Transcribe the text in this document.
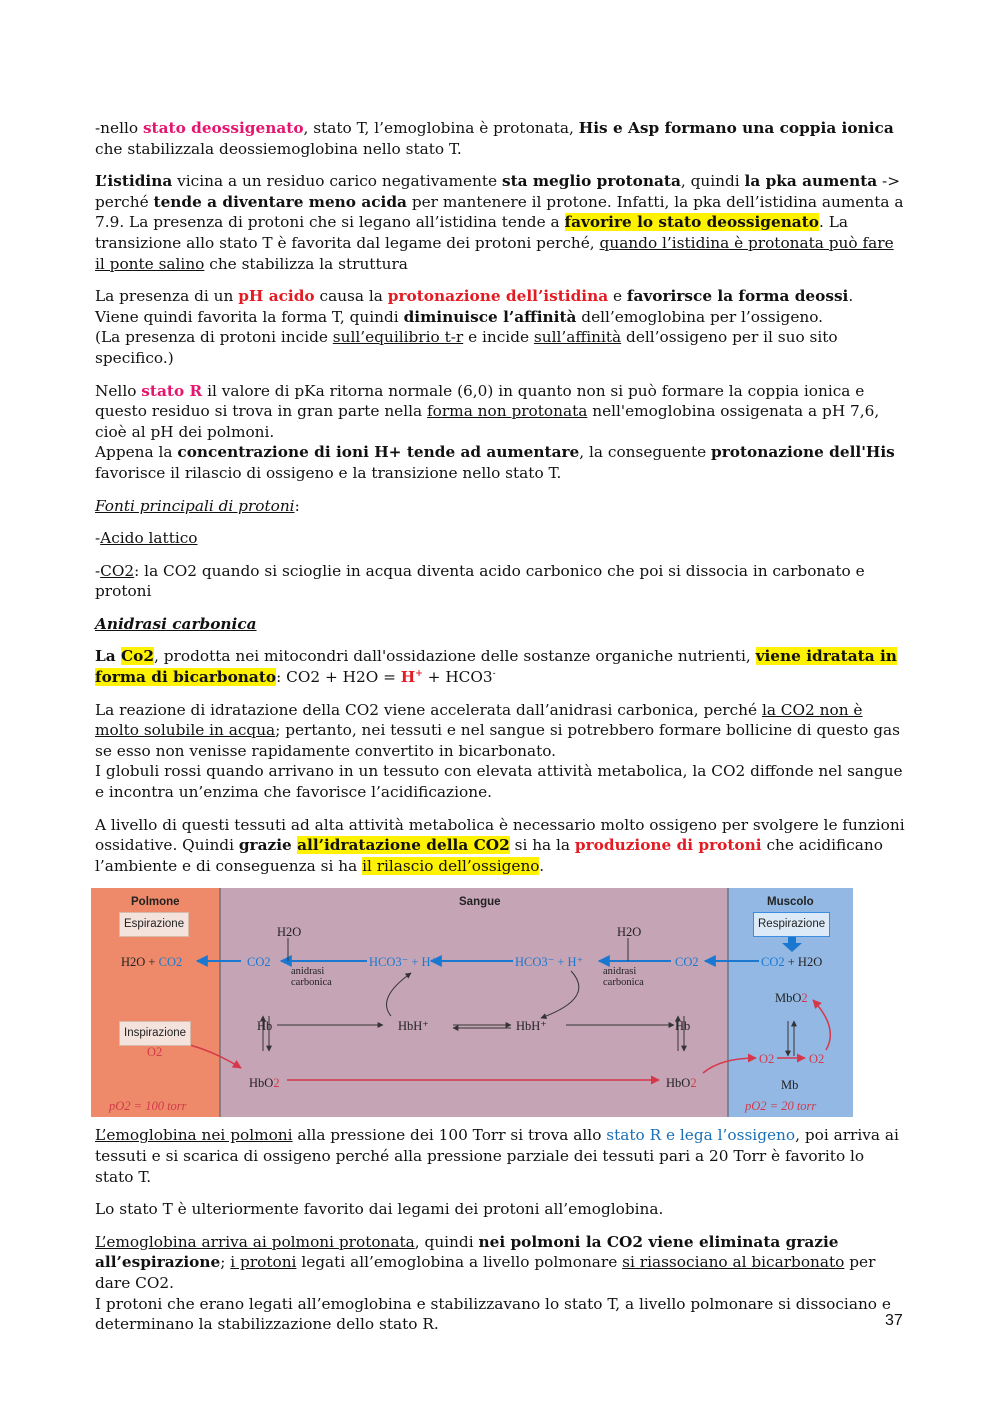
-nello stato deossigenato, stato T, l’emoglobina è protonata, His e Asp formano una coppia ionica che stabilizzala deossiemoglobina nello stato T.

L’istidina vicina a un residuo carico negativamente sta meglio protonata, quindi la pka aumenta -> perché tende a diventare meno acida per mantenere il protone. Infatti, la pka dell’istidina aumenta a 7.9. La presenza di protoni che si legano all’istidina tende a favorire lo stato deossigenato. La transizione allo stato T è favorita dal legame dei protoni perché, quando l’istidina è protonata può fare il ponte salino che stabilizza la struttura

La presenza di un pH acido causa la protonazione dell’istidina e favorirsce la forma deossi.
Viene quindi favorita la forma T, quindi diminuisce l’affinità dell’emoglobina per l’ossigeno.
(La presenza di protoni incide sull’equilibrio t-r e incide sull’affinità dell’ossigeno per il suo sito specifico.)

Nello stato R il valore di pKa ritorna normale (6,0) in quanto non si può formare la coppia ionica e questo residuo si trova in gran parte nella forma non protonata nell'emoglobina ossigenata a pH 7,6, cioè al pH dei polmoni.
Appena la concentrazione di ioni H+ tende ad aumentare, la conseguente protonazione dell'His favorisce il rilascio di ossigeno e la transizione nello stato T.

Fonti principali di protoni:

-Acido lattico

-CO2: la CO2 quando si scioglie in acqua diventa acido carbonico che poi si dissocia in carbonato e protoni

Anidrasi carbonica

La Co2, prodotta nei mitocondri dall'ossidazione delle sostanze organiche nutrienti, viene idratata in forma di bicarbonato: CO2 + H2O = H+ + HCO3-

La reazione di idratazione della CO2 viene accelerata dall’anidrasi carbonica, perché la CO2 non è molto solubile in acqua; pertanto, nei tessuti e nel sangue si potrebbero formare bollicine di questo gas se esso non venisse rapidamente convertito in bicarbonato.
I globuli rossi quando arrivano in un tessuto con elevata attività metabolica, la CO2 diffonde nel sangue e incontra un’enzima che favorisce l’acidificazione.

A livello di questi tessuti ad alta attività metabolica è necessario molto ossigeno per svolgere le funzioni ossidative. Quindi grazie all’idratazione della CO2 si ha la produzione di protoni che acidificano l’ambiente e di conseguenza si ha il rilascio dell’ossigeno.

Polmone	Sangue	Muscolo
Espirazione
Inspirazione
Respirazione
H2O + CO2
O2
H2O
CO2
anidrasi
carbonica
HCO3⁻ + H⁺	HCO3⁻ + H⁺
H2O
anidrasi
carbonica
CO2
Hb	HbH⁺	HbH⁺	Hb
HbO2	HbO2
CO2 + H2O
MbO2
O2	O2
Mb
pO2 = 100 torr	pO2 = 20 torr

L’emoglobina nei polmoni alla pressione dei 100 Torr si trova allo stato R e lega l’ossigeno, poi arriva ai tessuti e si scarica di ossigeno perché alla pressione parziale dei tessuti pari a 20 Torr è favorito lo stato T.

Lo stato T è ulteriormente favorito dai legami dei protoni all’emoglobina.

L’emoglobina arriva ai polmoni protonata, quindi nei polmoni la CO2 viene eliminata grazie all’espirazione; i protoni legati all’emoglobina a livello polmonare si riassociano al bicarbonato per dare CO2.
I protoni che erano legati all’emoglobina e stabilizzavano lo stato T, a livello polmonare si dissociano e determinano la stabilizzazione dello stato R.	37
